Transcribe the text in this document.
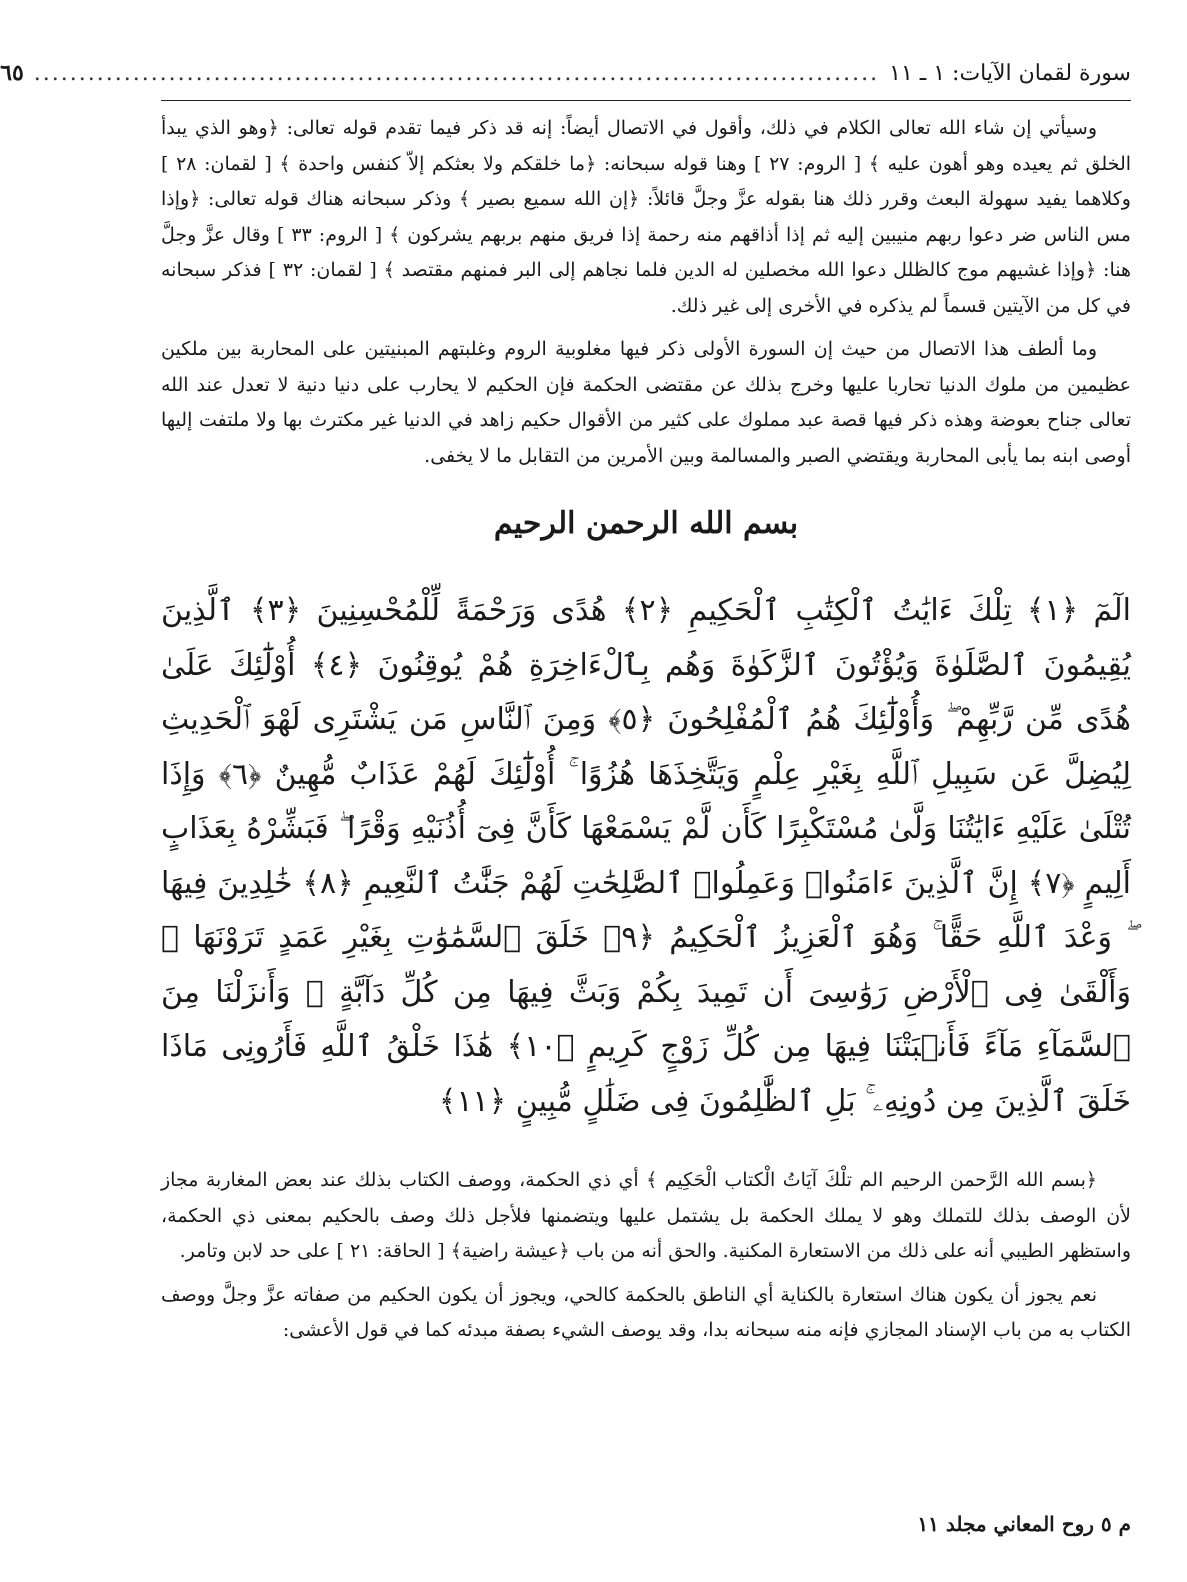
سورة لقمان الآيات: ١ ـ ١١
..............................................................................................
٦٥

وسيأتي إن شاء الله تعالى الكلام في ذلك، وأقول في الاتصال أيضاً: إنه قد ذكر فيما تقدم قوله تعالى: ﴿وهو الذي يبدأ الخلق ثم يعيده وهو أهون عليه ﴾ [ الروم: ٢٧ ] وهنا قوله سبحانه: ﴿ما خلقكم ولا بعثكم إلاّ كنفس واحدة ﴾ [ لقمان: ٢٨ ] وكلاهما يفيد سهولة البعث وقرر ذلك هنا بقوله عزَّ وجلَّ قائلاً: ﴿إن الله سميع بصير ﴾ وذكر سبحانه هناك قوله تعالى: ﴿وإذا مس الناس ضر دعوا ربهم منيبين إليه ثم إذا أذاقهم منه رحمة إذا فريق منهم بربهم يشركون ﴾ [ الروم: ٣٣ ] وقال عزَّ وجلَّ هنا: ﴿وإذا غشيهم موج كالظلل دعوا الله مخصلين له الدين فلما نجاهم إلى البر فمنهم مقتصد ﴾ [ لقمان: ٣٢ ] فذكر سبحانه في كل من الآيتين قسماً لم يذكره في الأخرى إلى غير ذلك.

وما ألطف هذا الاتصال من حيث إن السورة الأولى ذكر فيها مغلوبية الروم وغلبتهم المبنيتين على المحاربة بين ملكين عظيمين من ملوك الدنيا تحاربا عليها وخرج بذلك عن مقتضى الحكمة فإن الحكيم لا يحارب على دنيا دنية لا تعدل عند الله تعالى جناح بعوضة وهذه ذكر فيها قصة عبد مملوك على كثير من الأقوال حكيم زاهد في الدنيا غير مكترث بها ولا ملتفت إليها أوصى ابنه بما يأبى المحاربة ويقتضي الصبر والمسالمة وبين الأمرين من التقابل ما لا يخفى.

بسم الله الرحمن الرحيم
الٓمٓ ﴿١﴾ تِلْكَ ءَايَٰتُ ٱلْكِتَٰبِ ٱلْحَكِيمِ ﴿٢﴾ هُدًى وَرَحْمَةً لِّلْمُحْسِنِينَ ﴿٣﴾ ٱلَّذِينَ يُقِيمُونَ ٱلصَّلَوٰةَ وَيُؤْتُونَ ٱلزَّكَوٰةَ وَهُم بِٱلْءَاخِرَةِ هُمْ يُوقِنُونَ ﴿٤﴾ أُوْلَٰٓئِكَ عَلَىٰ هُدًى مِّن رَّبِّهِمْ ۖ وَأُوْلَٰٓئِكَ هُمُ ٱلْمُفْلِحُونَ ﴿٥﴾ وَمِنَ ٱلنَّاسِ مَن يَشْتَرِى لَهْوَ ٱلْحَدِيثِ لِيُضِلَّ عَن سَبِيلِ ٱللَّهِ بِغَيْرِ عِلْمٍ وَيَتَّخِذَهَا هُزُوًا ۚ أُوْلَٰٓئِكَ لَهُمْ عَذَابٌ مُّهِينٌ ﴿٦﴾ وَإِذَا تُتْلَىٰ عَلَيْهِ ءَايَٰتُنَا وَلَّىٰ مُسْتَكْبِرًا كَأَن لَّمْ يَسْمَعْهَا كَأَنَّ فِىٓ أُذُنَيْهِ وَقْرًا ۖ فَبَشِّرْهُ بِعَذَابٍ أَلِيمٍ ﴿٧﴾ إِنَّ ٱلَّذِينَ ءَامَنُوا۟ وَعَمِلُوا۟ ٱلصَّٰلِحَٰتِ لَهُمْ جَنَّٰتُ ٱلنَّعِيمِ ﴿٨﴾ خَٰلِدِينَ فِيهَا ۖ وَعْدَ ٱللَّهِ حَقًّا ۚ وَهُوَ ٱلْعَزِيزُ ٱلْحَكِيمُ ﴿٩﴾ خَلَقَ ٱلسَّمَٰوَٰتِ بِغَيْرِ عَمَدٍ تَرَوْنَهَا ۖ وَأَلْقَىٰ فِى ٱلْأَرْضِ رَوَٰسِىَ أَن تَمِيدَ بِكُمْ وَبَثَّ فِيهَا مِن كُلِّ دَآبَّةٍ ۚ وَأَنزَلْنَا مِنَ ٱلسَّمَآءِ مَآءً فَأَنۢبَتْنَا فِيهَا مِن كُلِّ زَوْجٍ كَرِيمٍ ﴿١٠﴾ هَٰذَا خَلْقُ ٱللَّهِ فَأَرُونِى مَاذَا خَلَقَ ٱلَّذِينَ مِن دُونِهِۦ ۚ بَلِ ٱلظَّٰلِمُونَ فِى ضَلَٰلٍ مُّبِينٍ ﴿١١﴾

﴿بسم الله الرَّحمن الرحيم الم تلْكَ آيَاتُ الْكتاب الْحَكِيم ﴾ أي ذي الحكمة، ووصف الكتاب بذلك عند بعض المغاربة مجاز لأن الوصف بذلك للتملك وهو لا يملك الحكمة بل يشتمل عليها ويتضمنها فلأجل ذلك وصف بالحكيم بمعنى ذي الحكمة، واستظهر الطيبي أنه على ذلك من الاستعارة المكنية. والحق أنه من باب ﴿عيشة راضية﴾ [ الحاقة: ٢١ ] على حد لابن وتامر.

نعم يجوز أن يكون هناك استعارة بالكناية أي الناطق بالحكمة كالحي، ويجوز أن يكون الحكيم من صفاته عزَّ وجلَّ ووصف الكتاب به من باب الإسناد المجازي فإنه منه سبحانه بدا، وقد يوصف الشيء بصفة مبدئه كما في قول الأعشى:

م ٥ روح المعاني مجلد ١١
